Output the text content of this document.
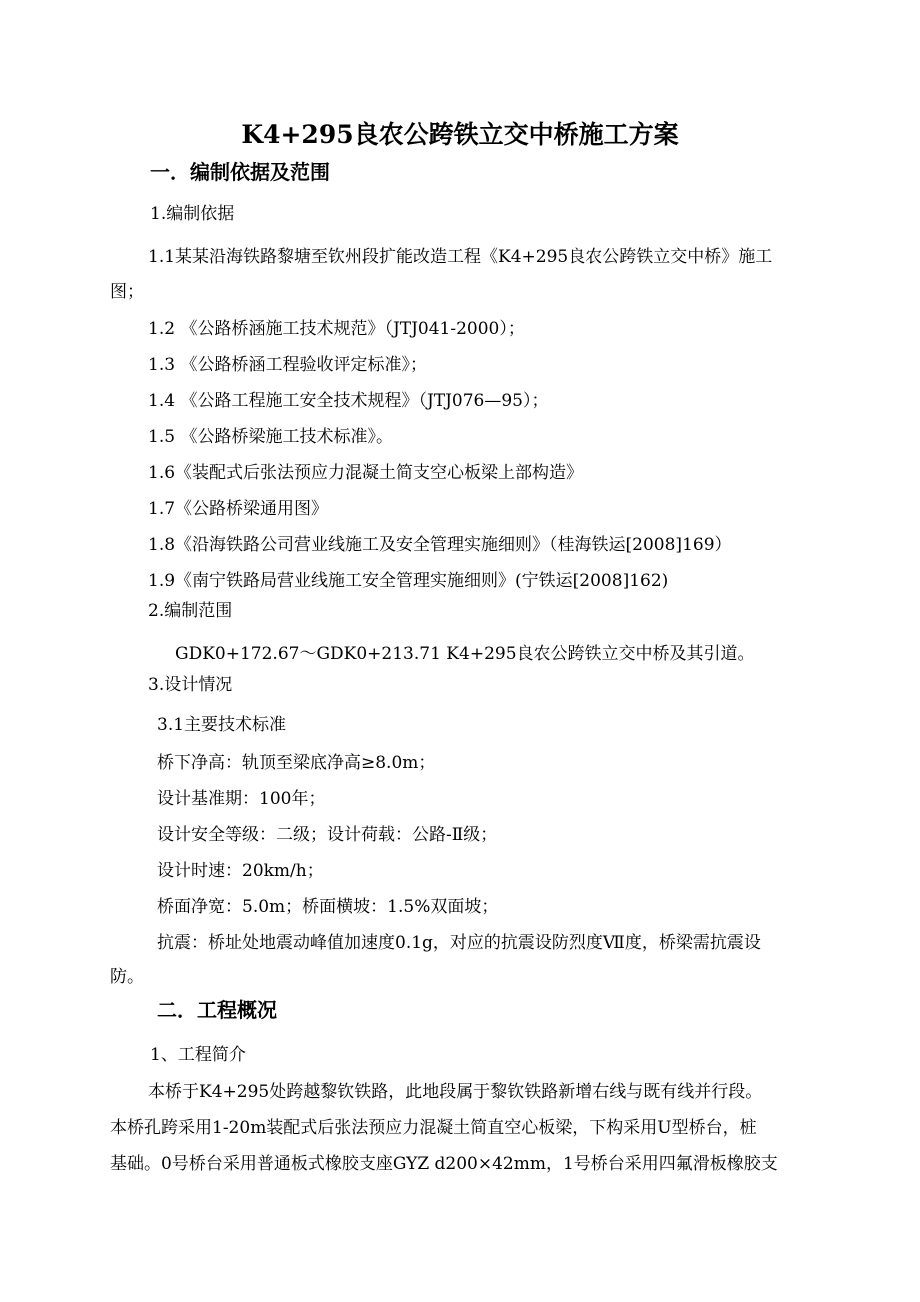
K4+295良农公跨铁立交中桥施工方案
一．编制依据及范围
1.编制依据
1.1某某沿海铁路黎塘至钦州段扩能改造工程《K4+295良农公跨铁立交中桥》施工
图；
1.2 《公路桥涵施工技术规范》（JTJ041-2000）；
1.3 《公路桥涵工程验收评定标准》；
1.4 《公路工程施工安全技术规程》（JTJ076—95）；
1.5 《公路桥梁施工技术标准》。
1.6《装配式后张法预应力混凝土简支空心板梁上部构造》
1.7《公路桥梁通用图》
1.8《沿海铁路公司营业线施工及安全管理实施细则》（桂海铁运[2008]169）
1.9《南宁铁路局营业线施工安全管理实施细则》(宁铁运[2008]162)
2.编制范围
GDK0+172.67～GDK0+213.71 K4+295良农公跨铁立交中桥及其引道。
3.设计情况
3.1主要技术标准
桥下净高：轨顶至梁底净高≥8.0m；
设计基准期：100年；
设计安全等级：二级；设计荷载：公路-Ⅱ级；
设计时速：20km/h；
桥面净宽：5.0m；桥面横坡：1.5%双面坡；
抗震：桥址处地震动峰值加速度0.1g，对应的抗震设防烈度Ⅶ度，桥梁需抗震设
防。
二．工程概况
1、工程简介
本桥于K4+295处跨越黎钦铁路，此地段属于黎钦铁路新增右线与既有线并行段。
本桥孔跨采用1-20m装配式后张法预应力混凝土简直空心板梁，下构采用U型桥台，桩
基础。0号桥台采用普通板式橡胶支座GYZ d200×42mm，1号桥台采用四氟滑板橡胶支
